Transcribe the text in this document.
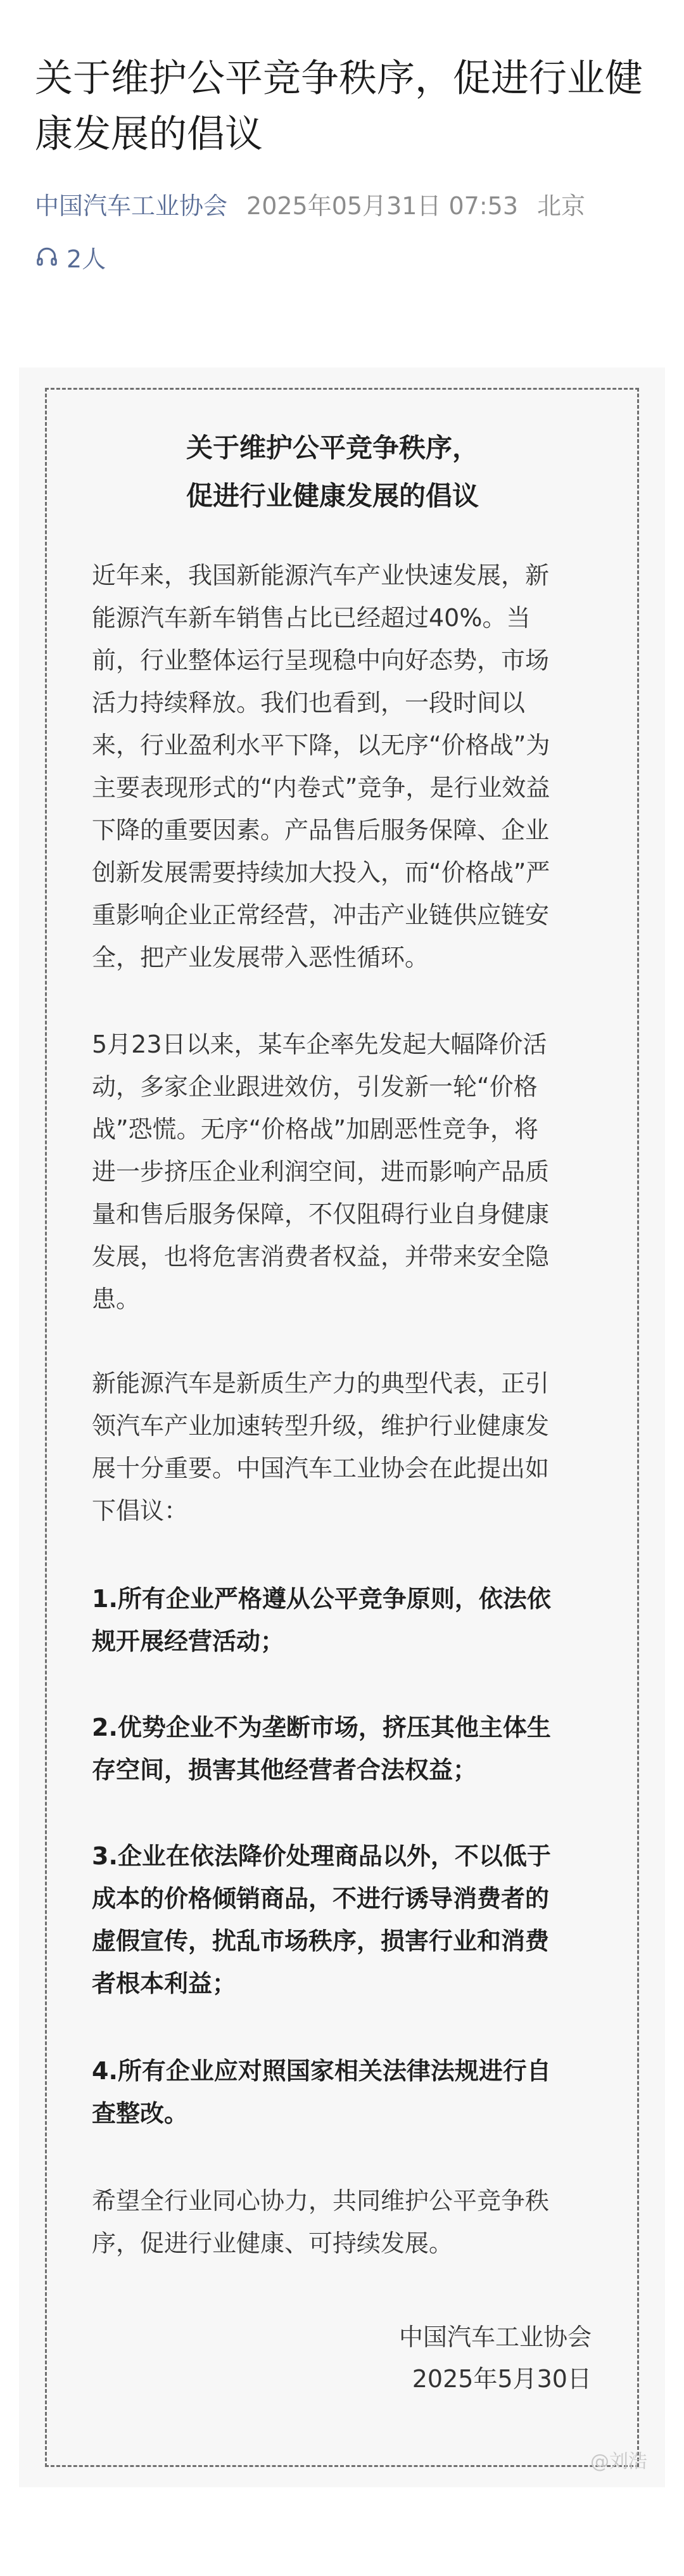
关于维护公平竞争秩序，促进行业健康发展的倡议
中国汽车工业协会 2025年05月31日 07:53 北京
2人
关于维护公平竞争秩序，
促进行业健康发展的倡议
近年来，我国新能源汽车产业快速发展，新
能源汽车新车销售占比已经超过40%。当
前，行业整体运行呈现稳中向好态势，市场
活力持续释放。我们也看到，一段时间以
来，行业盈利水平下降，以无序“价格战”为
主要表现形式的“内卷式”竞争，是行业效益
下降的重要因素。产品售后服务保障、企业
创新发展需要持续加大投入，而“价格战”严
重影响企业正常经营，冲击产业链供应链安
全，把产业发展带入恶性循环。
5月23日以来，某车企率先发起大幅降价活
动，多家企业跟进效仿，引发新一轮“价格
战”恐慌。无序“价格战”加剧恶性竞争，将
进一步挤压企业利润空间，进而影响产品质
量和售后服务保障，不仅阻碍行业自身健康
发展，也将危害消费者权益，并带来安全隐
患。
新能源汽车是新质生产力的典型代表，正引
领汽车产业加速转型升级，维护行业健康发
展十分重要。中国汽车工业协会在此提出如
下倡议：
1.所有企业严格遵从公平竞争原则，依法依
规开展经营活动；
2.优势企业不为垄断市场，挤压其他主体生
存空间，损害其他经营者合法权益；
3.企业在依法降价处理商品以外，不以低于
成本的价格倾销商品，不进行诱导消费者的
虚假宣传，扰乱市场秩序，损害行业和消费
者根本利益；
4.所有企业应对照国家相关法律法规进行自
查整改。
希望全行业同心协力，共同维护公平竞争秩
序，促进行业健康、可持续发展。
中国汽车工业协会
2025年5月30日
@刘浩
